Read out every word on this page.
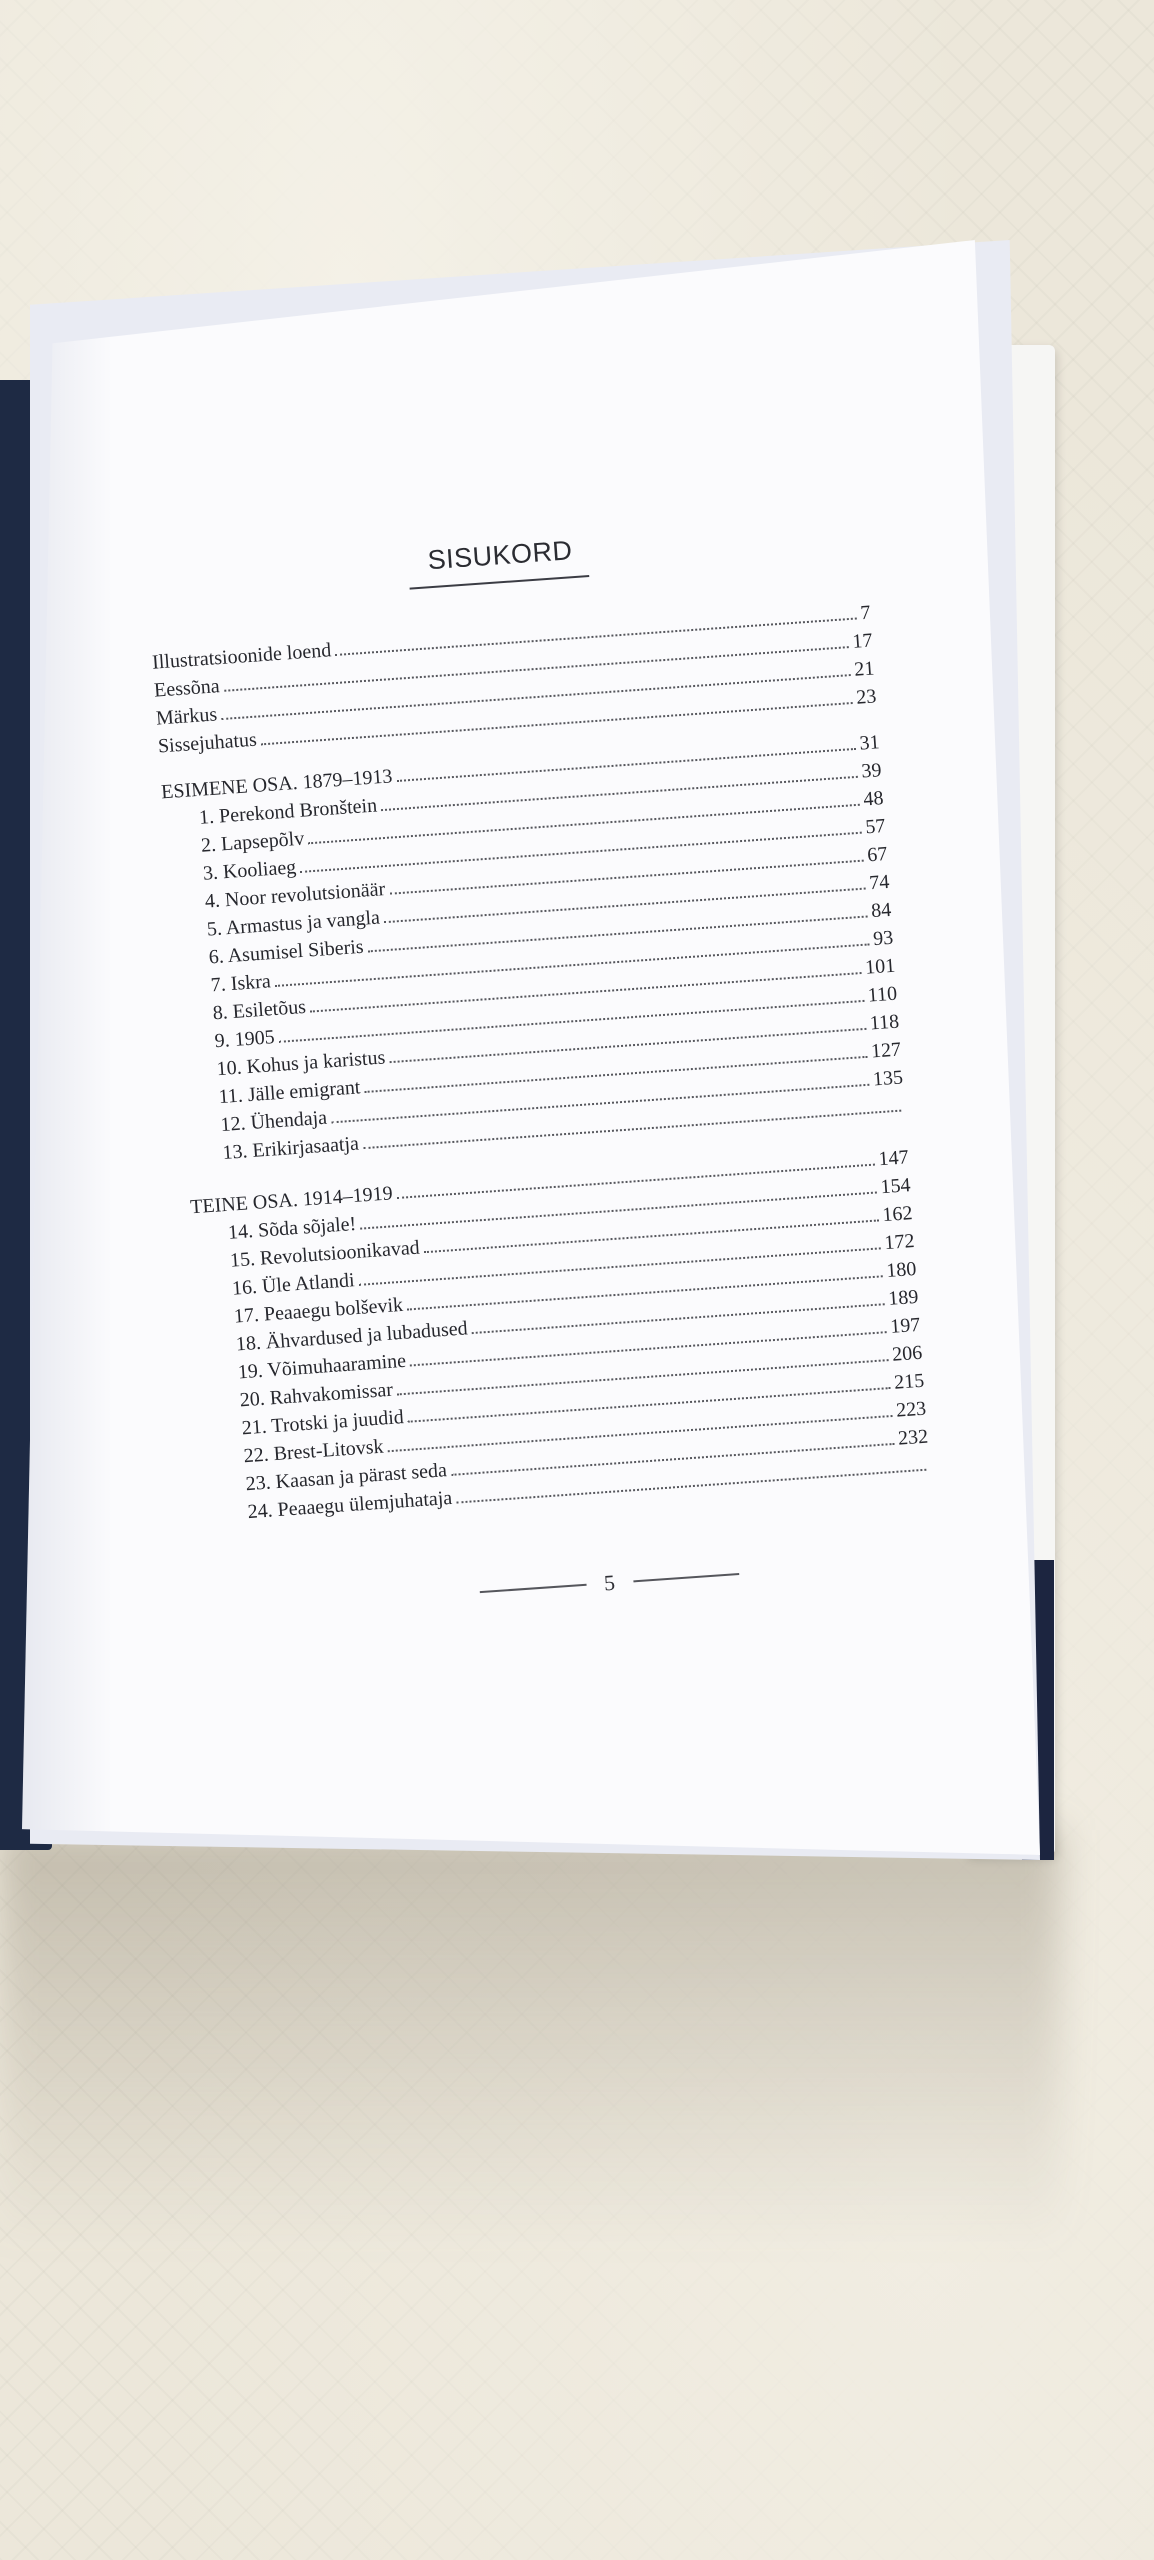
SISUKORD
Illustratsioonide loend
7
Eessõna
17
Märkus
21
Sissejuhatus
23
ESIMENE OSA. 1879–1913
31
1. Perekond Bronštein
39
2. Lapsepõlv
48
3. Kooliaeg
57
4. Noor revolutsionäär
67
5. Armastus ja vangla
74
6. Asumisel Siberis
84
7. Iskra
93
8. Esiletõus
101
9. 1905
110
10. Kohus ja karistus
118
11. Jälle emigrant
127
12. Ühendaja
135
13. Erikirjasaatja
TEINE OSA. 1914–1919
147
14. Sõda sõjale!
154
15. Revolutsioonikavad
162
16. Üle Atlandi
172
17. Peaaegu bolševik
180
18. Ähvardused ja lubadused
189
19. Võimuhaaramine
197
20. Rahvakomissar
206
21. Trotski ja juudid
215
22. Brest-Litovsk
223
23. Kaasan ja pärast seda
232
24. Peaaegu ülemjuhataja
5
